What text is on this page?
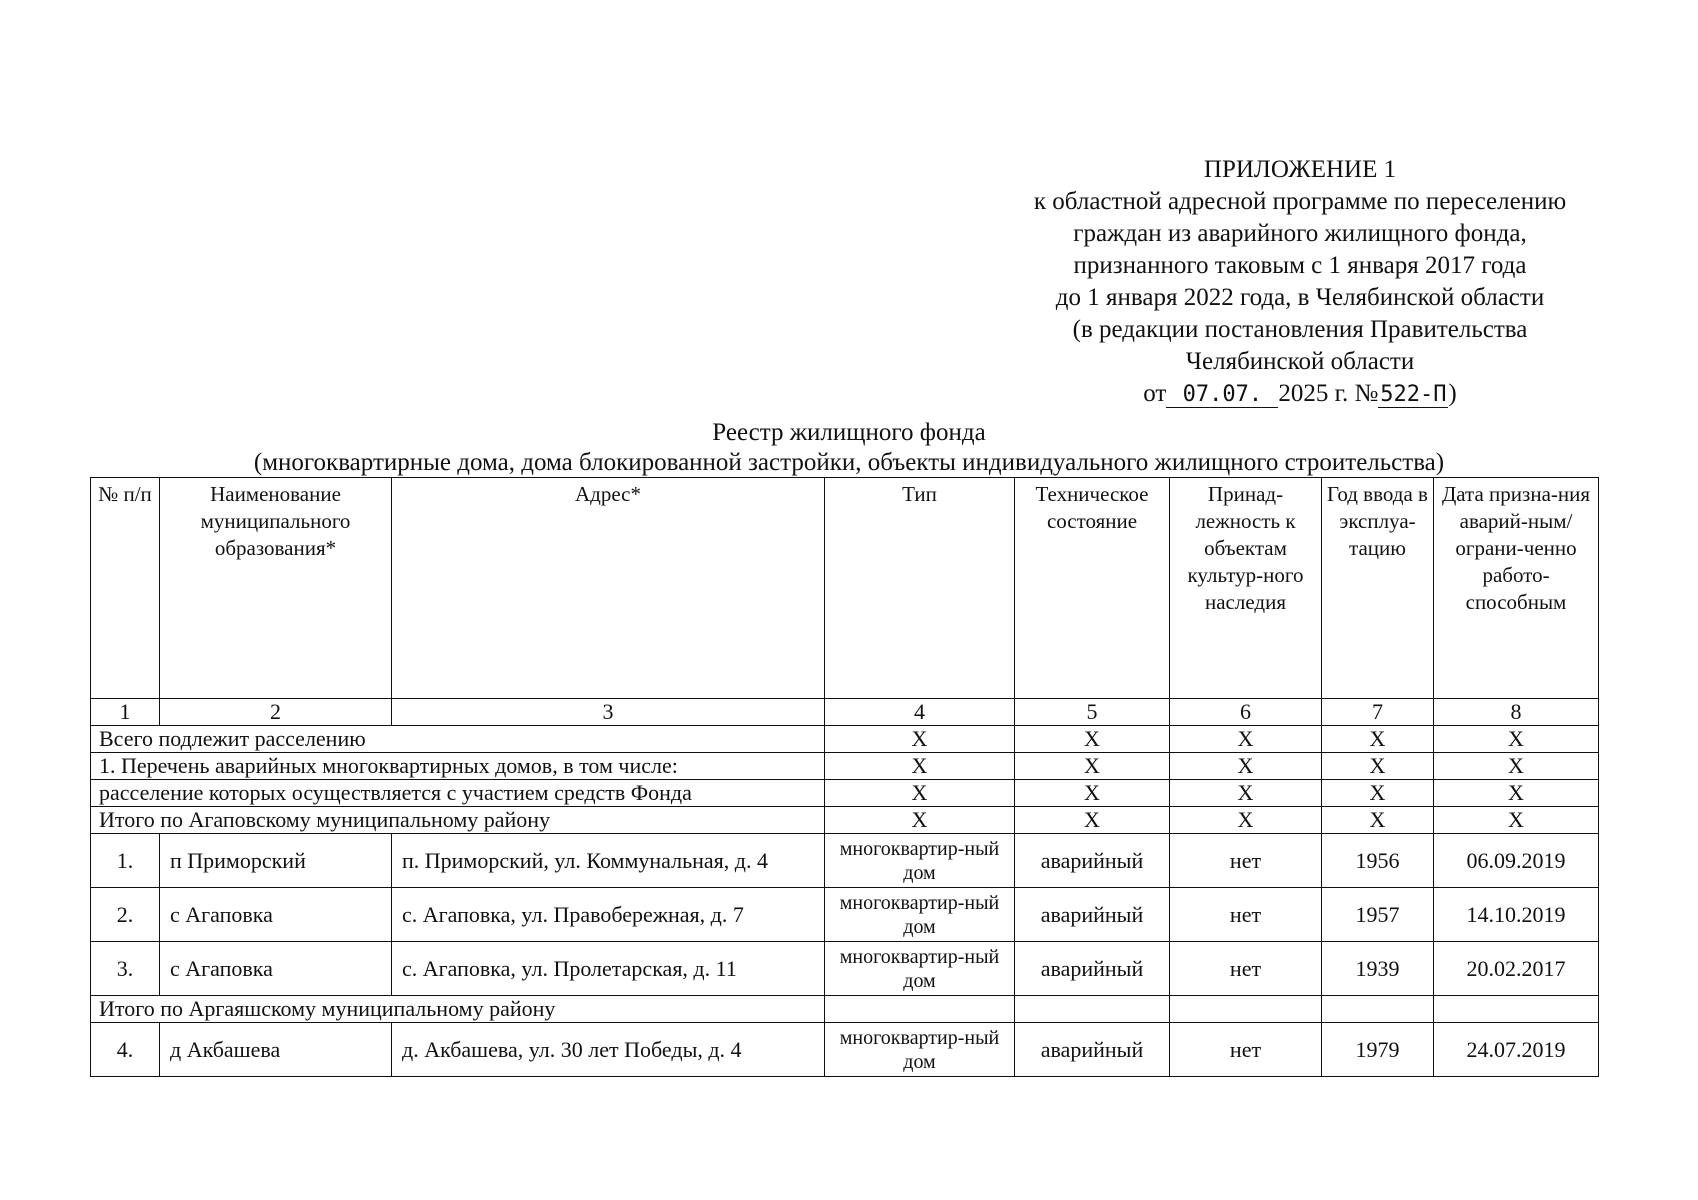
ПРИЛОЖЕНИЕ 1
к областной адресной программе по переселению
граждан из аварийного жилищного фонда,
признанного таковым с 1 января 2017 года
до 1 января 2022 года, в Челябинской области
(в редакции постановления Правительства
Челябинской области
от 07.07. 2025 г. №522-П)
Реестр жилищного фонда
(многоквартирные дома, дома блокированной застройки, объекты индивидуального жилищного строительства)
№ п/п	Наименование муниципального образования*	Адрес*	Тип	Техническое состояние	Принад-лежность к объектам культур-ного наследия	Год ввода в эксплуа-тацию	Дата призна-ния аварий-ным/ограни-ченно работо-способным
1	2	3	4	5	6	7	8
Всего подлежит расселению			X	X	X	X	X
1. Перечень аварийных многоквартирных домов, в том числе:			X	X	X	X	X
расселение которых осуществляется с участием средств Фонда			X	X	X	X	X
Итого по Агаповскому муниципальному району			X	X	X	X	X
1.	п Приморский	п. Приморский, ул. Коммунальная, д. 4	многоквартир-ный дом	аварийный	нет	1956	06.09.2019
2.	с Агаповка	с. Агаповка, ул. Правобережная, д. 7	многоквартир-ный дом	аварийный	нет	1957	14.10.2019
3.	с Агаповка	с. Агаповка, ул. Пролетарская, д. 11	многоквартир-ный дом	аварийный	нет	1939	20.02.2017
Итого по Аргаяшскому муниципальному району							
4.	д Акбашева	д. Акбашева, ул. 30 лет Победы, д. 4	многоквартир-ный дом	аварийный	нет	1979	24.07.2019
